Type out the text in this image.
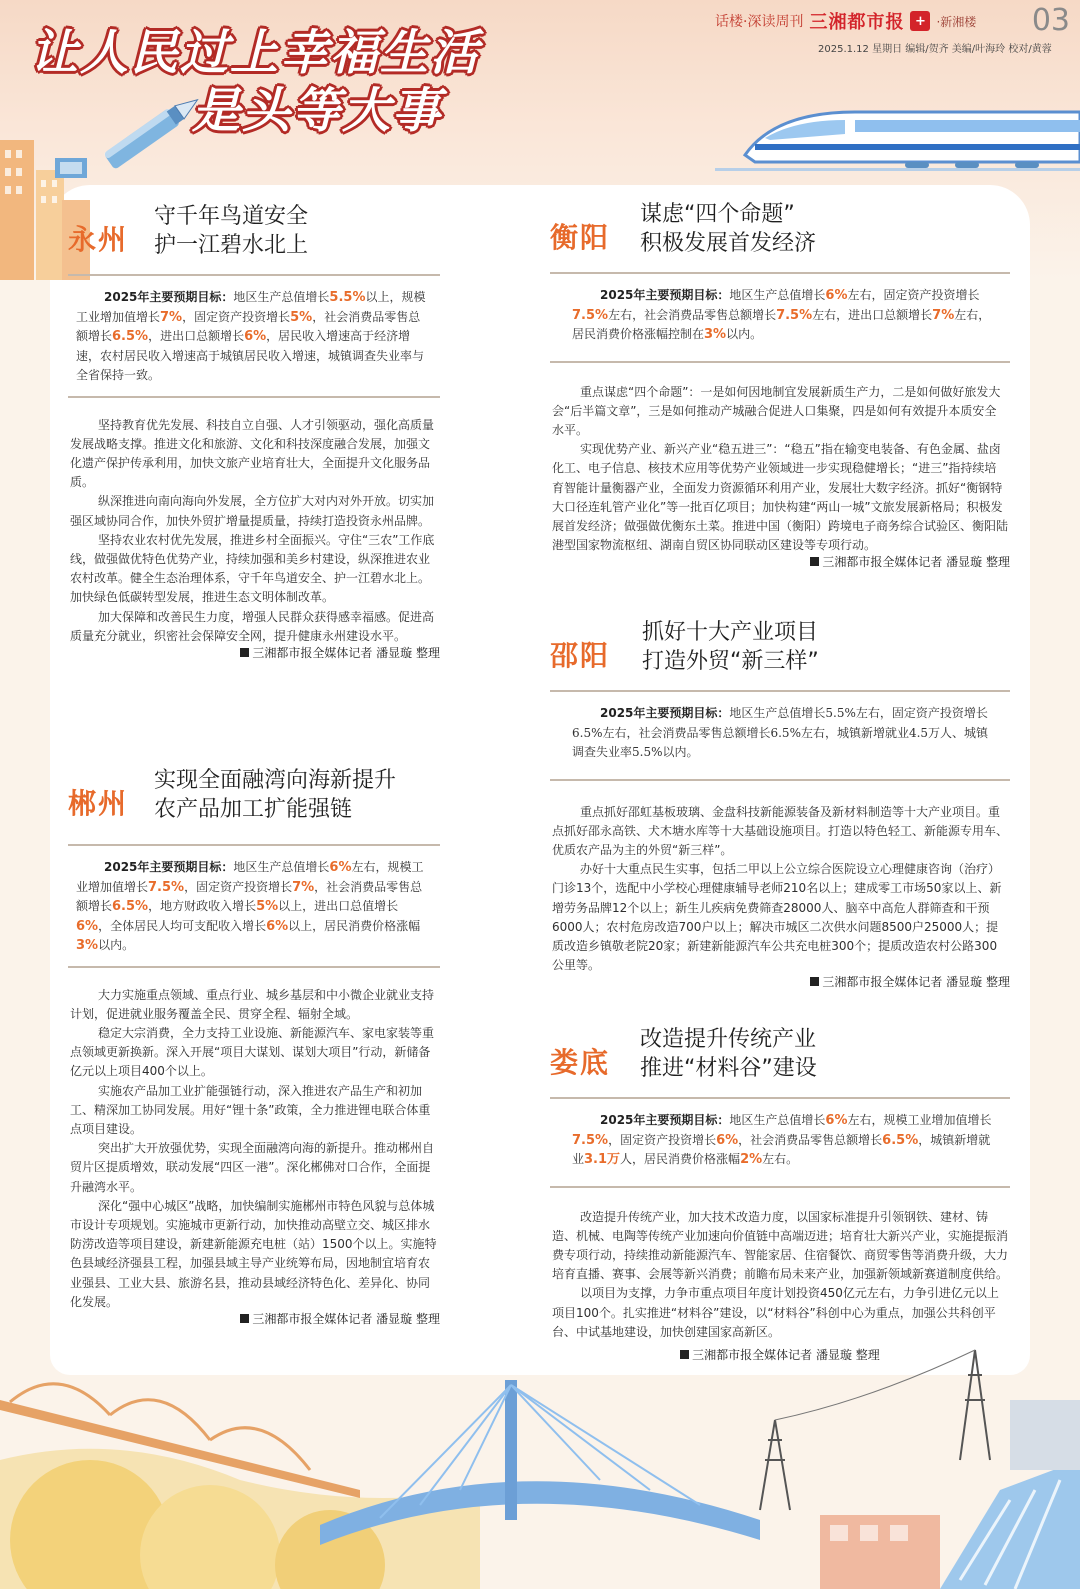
话楼·深读周刊 三湘都市报 + ·新湘楼 03
2025.1.12 星期日 编辑/贺齐 美编/叶海玲 校对/黄蓉
让人民过上幸福生活
是头等大事
永州
守千年鸟道安全
护一江碧水北上
2025年主要预期目标：地区生产总值增长5.5%以上，规模工业增加值增长7%，固定资产投资增长5%，社会消费品零售总额增长6.5%，进出口总额增长6%，居民收入增速高于经济增速，农村居民收入增速高于城镇居民收入增速，城镇调查失业率与全省保持一致。

坚持教育优先发展、科技自立自强、人才引领驱动，强化高质量发展战略支撑。推进文化和旅游、文化和科技深度融合发展，加强文化遗产保护传承利用，加快文旅产业培育壮大，全面提升文化服务品质。

纵深推进向南向海向外发展，全方位扩大对内对外开放。切实加强区域协同合作，加快外贸扩增量提质量，持续打造投资永州品牌。

坚持农业农村优先发展，推进乡村全面振兴。守住“三农”工作底线，做强做优特色优势产业，持续加强和美乡村建设，纵深推进农业农村改革。健全生态治理体系，守千年鸟道安全、护一江碧水北上。加快绿色低碳转型发展，推进生态文明体制改革。

加大保障和改善民生力度，增强人民群众获得感幸福感。促进高质量充分就业，织密社会保障安全网，提升健康永州建设水平。

三湘都市报全媒体记者 潘显璇 整理
郴州
实现全面融湾向海新提升
农产品加工扩能强链
2025年主要预期目标：地区生产总值增长6%左右，规模工业增加值增长7.5%，固定资产投资增长7%，社会消费品零售总额增长6.5%，地方财政收入增长5%以上，进出口总值增长6%，全体居民人均可支配收入增长6%以上，居民消费价格涨幅3%以内。

大力实施重点领域、重点行业、城乡基层和中小微企业就业支持计划，促进就业服务覆盖全民、贯穿全程、辐射全域。

稳定大宗消费，全力支持工业设施、新能源汽车、家电家装等重点领域更新换新。深入开展“项目大谋划、谋划大项目”行动，新储备亿元以上项目400个以上。

实施农产品加工业扩能强链行动，深入推进农产品生产和初加工、精深加工协同发展。用好“锂十条”政策，全力推进锂电联合体重点项目建设。

突出扩大开放强优势，实现全面融湾向海的新提升。推动郴州自贸片区提质增效，联动发展“四区一港”。深化郴佛对口合作，全面提升融湾水平。

深化“强中心城区”战略，加快编制实施郴州市特色风貌与总体城市设计专项规划。实施城市更新行动，加快推动高壁立交、城区排水防涝改造等项目建设，新建新能源充电桩（站）1500个以上。实施特色县域经济强县工程，加强县域主导产业统筹布局，因地制宜培育农业强县、工业大县、旅游名县，推动县域经济特色化、差异化、协同化发展。

三湘都市报全媒体记者 潘显璇 整理
衡阳
谋虑“四个命题”
积极发展首发经济
2025年主要预期目标：地区生产总值增长6%左右，固定资产投资增长7.5%左右，社会消费品零售总额增长7.5%左右，进出口总额增长7%左右，居民消费价格涨幅控制在3%以内。

重点谋虑“四个命题”：一是如何因地制宜发展新质生产力，二是如何做好旅发大会“后半篇文章”，三是如何推动产城融合促进人口集聚，四是如何有效提升本质安全水平。

实现优势产业、新兴产业“稳五进三”：“稳五”指在输变电装备、有色金属、盐卤化工、电子信息、核技术应用等优势产业领域进一步实现稳健增长；“进三”指持续培育智能计量衡器产业，全面发力资源循环利用产业，发展壮大数字经济。抓好“衡钢特大口径连轧管产业化”等一批百亿项目；加快构建“两山一城”文旅发展新格局；积极发展首发经济；做强做优衡东土菜。推进中国（衡阳）跨境电子商务综合试验区、衡阳陆港型国家物流枢纽、湖南自贸区协同联动区建设等专项行动。

三湘都市报全媒体记者 潘显璇 整理
邵阳
抓好十大产业项目
打造外贸“新三样”
2025年主要预期目标：地区生产总值增长5.5%左右，固定资产投资增长6.5%左右，社会消费品零售总额增长6.5%左右，城镇新增就业4.5万人、城镇调查失业率5.5%以内。

重点抓好邵虹基板玻璃、金盘科技新能源装备及新材料制造等十大产业项目。重点抓好邵永高铁、犬木塘水库等十大基础设施项目。打造以特色轻工、新能源专用车、优质农产品为主的外贸“新三样”。

办好十大重点民生实事，包括二甲以上公立综合医院设立心理健康咨询（治疗）门诊13个，选配中小学校心理健康辅导老师210名以上；建成零工市场50家以上、新增劳务品牌12个以上；新生儿疾病免费筛查28000人、脑卒中高危人群筛查和干预6000人；农村危房改造700户以上；解决市城区二次供水问题8500户25000人；提质改造乡镇敬老院20家；新建新能源汽车公共充电桩300个；提质改造农村公路300公里等。

三湘都市报全媒体记者 潘显璇 整理
娄底
改造提升传统产业
推进“材料谷”建设
2025年主要预期目标：地区生产总值增长6%左右，规模工业增加值增长7.5%，固定资产投资增长6%，社会消费品零售总额增长6.5%，城镇新增就业3.1万人，居民消费价格涨幅2%左右。

改造提升传统产业，加大技术改造力度，以国家标准提升引领钢铁、建材、铸造、机械、电陶等传统产业加速向价值链中高端迈进；培育壮大新兴产业，实施提振消费专项行动，持续推动新能源汽车、智能家居、住宿餐饮、商贸零售等消费升级，大力培育直播、赛事、会展等新兴消费；前瞻布局未来产业，加强新领域新赛道制度供给。

以项目为支撑，力争市重点项目年度计划投资450亿元左右，力争引进亿元以上项目100个。扎实推进“材料谷”建设，以“材料谷”科创中心为重点，加强公共科创平台、中试基地建设，加快创建国家高新区。

三湘都市报全媒体记者 潘显璇 整理
